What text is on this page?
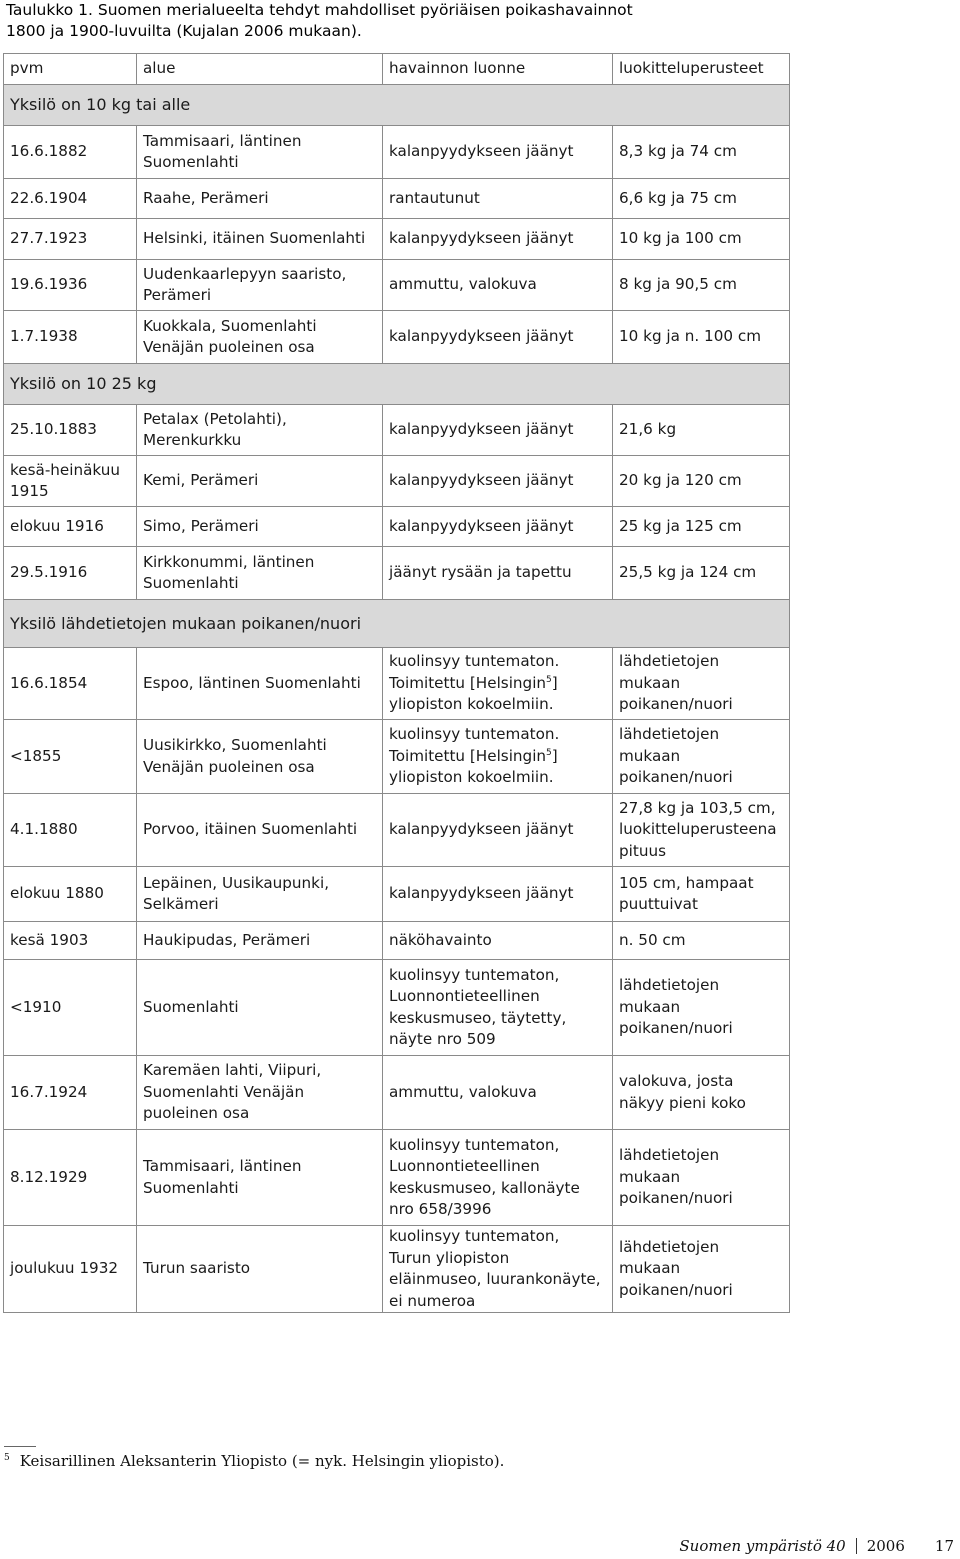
Taulukko 1. Suomen merialueelta tehdyt mahdolliset pyöriäisen poikashavainnot
1800 ja 1900-luvuilta (Kujalan 2006 mukaan).
pvm	alue	havainnon luonne	luokitteluperusteet
Yksilö on 10 kg tai alle			
16.6.1882	Tammisaari, läntinen Suomenlahti	kalanpyydykseen jäänyt	8,3 kg ja 74 cm
22.6.1904	Raahe, Perämeri	rantautunut	6,6 kg ja 75 cm
27.7.1923	Helsinki, itäinen Suomenlahti	kalanpyydykseen jäänyt	10 kg ja 100 cm
19.6.1936	Uudenkaarlepyyn saaristo, Perämeri	ammuttu, valokuva	8 kg ja 90,5 cm
1.7.1938	Kuokkala, Suomenlahti Venäjän puoleinen osa	kalanpyydykseen jäänyt	10 kg ja n. 100 cm
Yksilö on 10 25 kg			
25.10.1883	Petalax (Petolahti), Merenkurkku	kalanpyydykseen jäänyt	21,6 kg
kesä-heinäkuu 1915	Kemi, Perämeri	kalanpyydykseen jäänyt	20 kg ja 120 cm
elokuu 1916	Simo, Perämeri	kalanpyydykseen jäänyt	25 kg ja 125 cm
29.5.1916	Kirkkonummi, läntinen Suomenlahti	jäänyt rysään ja tapettu	25,5 kg ja 124 cm
Yksilö lähdetietojen mukaan poikanen/nuori			
16.6.1854	Espoo, läntinen Suomenlahti	kuolinsyy tuntematon. Toimitettu [Helsingin$^5$] yliopiston kokoelmiin.	lähdetietojen mukaan poikanen/nuori
<1855	Uusikirkko, Suomenlahti Venäjän puoleinen osa	kuolinsyy tuntematon. Toimitettu [Helsingin$^5$] yliopiston kokoelmiin.	lähdetietojen mukaan poikanen/nuori
4.1.1880	Porvoo, itäinen Suomenlahti	kalanpyydykseen jäänyt	27,8 kg ja 103,5 cm, luokitteluperusteena pituus
elokuu 1880	Lepäinen, Uusikaupunki, Selkämeri	kalanpyydykseen jäänyt	105 cm, hampaat puuttuivat
kesä 1903	Haukipudas, Perämeri	näköhavainto	n. 50 cm
<1910	Suomenlahti	kuolinsyy tuntematon, Luonnontieteellinen keskusmuseo, täytetty, näyte nro 509	lähdetietojen mukaan poikanen/nuori
16.7.1924	Karemäen lahti, Viipuri, Suomenlahti Venäjän puoleinen osa	ammuttu, valokuva	valokuva, josta näkyy pieni koko
8.12.1929	Tammisaari, läntinen Suomenlahti	kuolinsyy tuntematon, Luonnontieteellinen keskusmuseo, kallonäyte nro 658/3996	lähdetietojen mukaan poikanen/nuori
joulukuu 1932	Turun saaristo	kuolinsyy tuntematon, Turun yliopiston eläinmuseo, luurankonäyte, ei numeroa	lähdetietojen mukaan poikanen/nuori
$^5$ Keisarillinen Aleksanterin Yliopisto (= nyk. Helsingin yliopisto).
Suomen ympäristö 40 2006 17
